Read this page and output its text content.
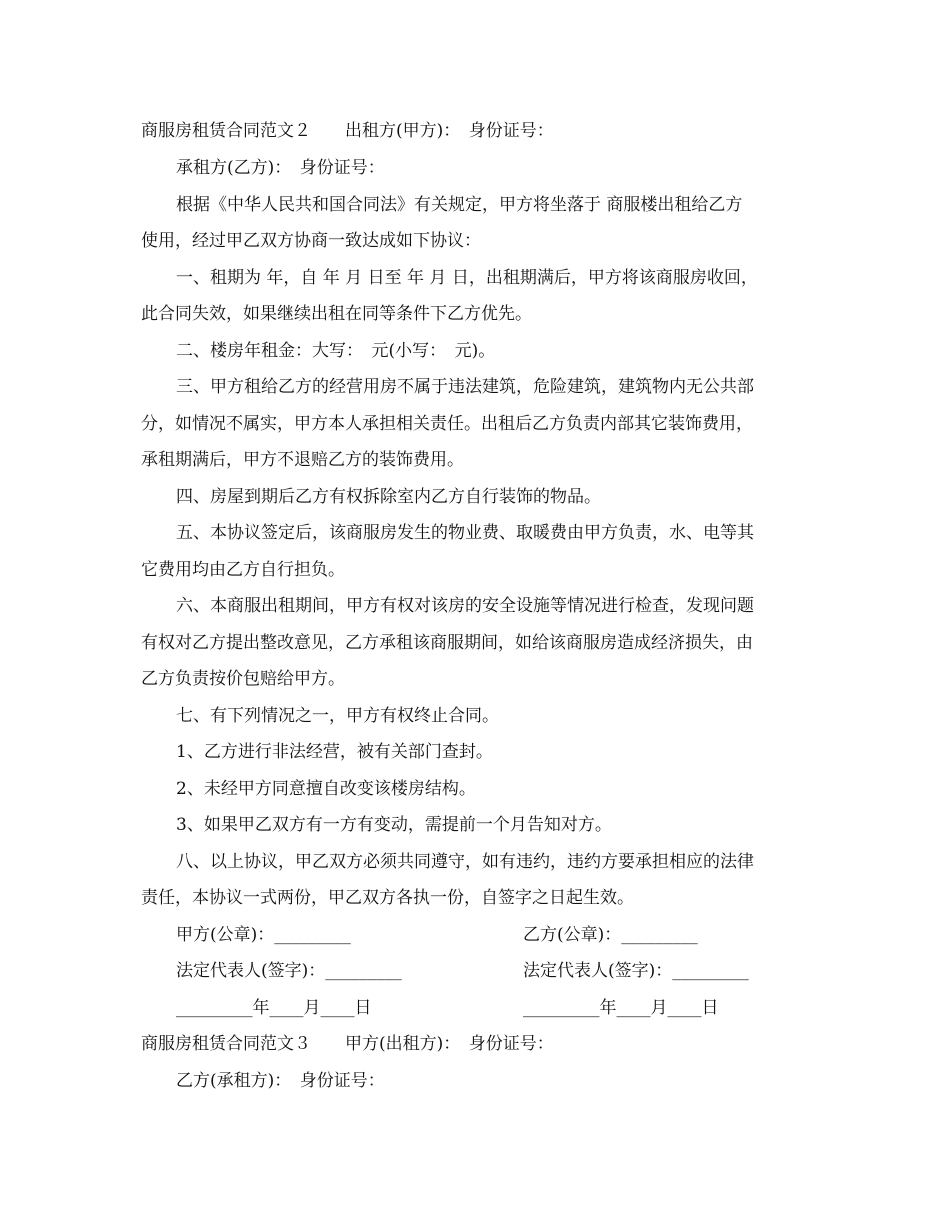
商服房租赁合同范文２　　出租方(甲方)：　身份证号：
承租方(乙方)：　身份证号：
根据《中华人民共和国合同法》有关规定，甲方将坐落于 商服楼出租给乙方
使用，经过甲乙双方协商一致达成如下协议：
一、租期为 年，自 年 月 日至 年 月 日，出租期满后，甲方将该商服房收回，
此合同失效，如果继续出租在同等条件下乙方优先。
二、楼房年租金：大写：　元(小写：　元)。
三、甲方租给乙方的经营用房不属于违法建筑，危险建筑，建筑物内无公共部
分，如情况不属实，甲方本人承担相关责任。出租后乙方负责内部其它装饰费用，
承租期满后，甲方不退赔乙方的装饰费用。
四、房屋到期后乙方有权拆除室内乙方自行装饰的物品。
五、本协议签定后，该商服房发生的物业费、取暖费由甲方负责，水、电等其
它费用均由乙方自行担负。
六、本商服出租期间，甲方有权对该房的安全设施等情况进行检查，发现问题
有权对乙方提出整改意见，乙方承租该商服期间，如给该商服房造成经济损失，由
乙方负责按价包赔给甲方。
七、有下列情况之一，甲方有权终止合同。
1、乙方进行非法经营，被有关部门查封。
2、未经甲方同意擅自改变该楼房结构。
3、如果甲乙双方有一方有变动，需提前一个月告知对方。
八、以上协议，甲乙双方必须共同遵守，如有违约，违约方要承担相应的法律
责任，本协议一式两份，甲乙双方各执一份，自签字之日起生效。
甲方(公章)：_________	乙方(公章)：_________
法定代表人(签字)：_________	法定代表人(签字)：_________
_________年____月____日	_________年____月____日
商服房租赁合同范文３　　甲方(出租方)：　身份证号：
乙方(承租方)：　身份证号：
